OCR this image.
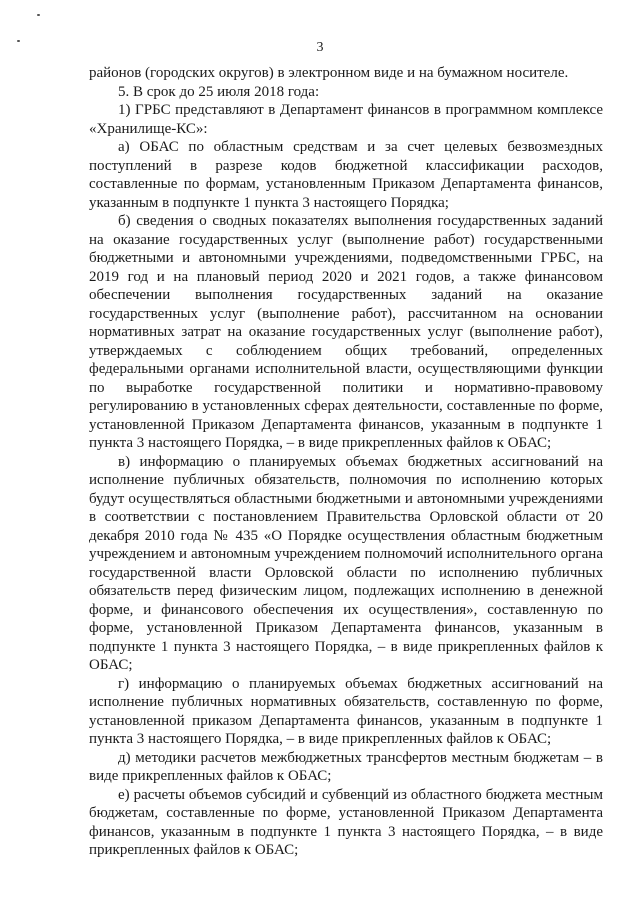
3

районов (городских округов) в электронном виде и на бумажном носителе.

5. В срок до 25 июля 2018 года:

1) ГРБС представляют в Департамент финансов в программном комплексе «Хранилище-КС»:

а) ОБАС по областным средствам и за счет целевых безвозмездных поступлений в разрезе кодов бюджетной классификации расходов, составленные по формам, установленным Приказом Департамента финансов, указанным в подпункте 1 пункта 3 настоящего Порядка;

б) сведения о сводных показателях выполнения государственных заданий на оказание государственных услуг (выполнение работ) государственными бюджетными и автономными учреждениями, подведомственными ГРБС, на 2019 год и на плановый период 2020 и 2021 годов, а также финансовом обеспечении выполнения государственных заданий на оказание государственных услуг (выполнение работ), рассчитанном на основании нормативных затрат на оказание государственных услуг (выполнение работ), утверждаемых с соблюдением общих требований, определенных федеральными органами исполнительной власти, осуществляющими функции по выработке государственной политики и нормативно-правовому регулированию в установленных сферах деятельности, составленные по форме, установленной Приказом Департамента финансов, указанным в подпункте 1 пункта 3 настоящего Порядка, – в виде прикрепленных файлов к ОБАС;

в) информацию о планируемых объемах бюджетных ассигнований на исполнение публичных обязательств, полномочия по исполнению которых будут осуществляться областными бюджетными и автономными учреждениями в соответствии с постановлением Правительства Орловской области от 20 декабря 2010 года № 435 «О Порядке осуществления областным бюджетным учреждением и автономным учреждением полномочий исполнительного органа государственной власти Орловской области по исполнению публичных обязательств перед физическим лицом, подлежащих исполнению в денежной форме, и финансового обеспечения их осуществления», составленную по форме, установленной Приказом Департамента финансов, указанным в подпункте 1 пункта 3 настоящего Порядка, – в виде прикрепленных файлов к ОБАС;

г) информацию о планируемых объемах бюджетных ассигнований на исполнение публичных нормативных обязательств, составленную по форме, установленной приказом Департамента финансов, указанным в подпункте 1 пункта 3 настоящего Порядка, – в виде прикрепленных файлов к ОБАС;

д) методики расчетов межбюджетных трансфертов местным бюджетам – в виде прикрепленных файлов к ОБАС;

е) расчеты объемов субсидий и субвенций из областного бюджета местным бюджетам, составленные по форме, установленной Приказом Департамента финансов, указанным в подпункте 1 пункта 3 настоящего Порядка, – в виде прикрепленных файлов к ОБАС;
